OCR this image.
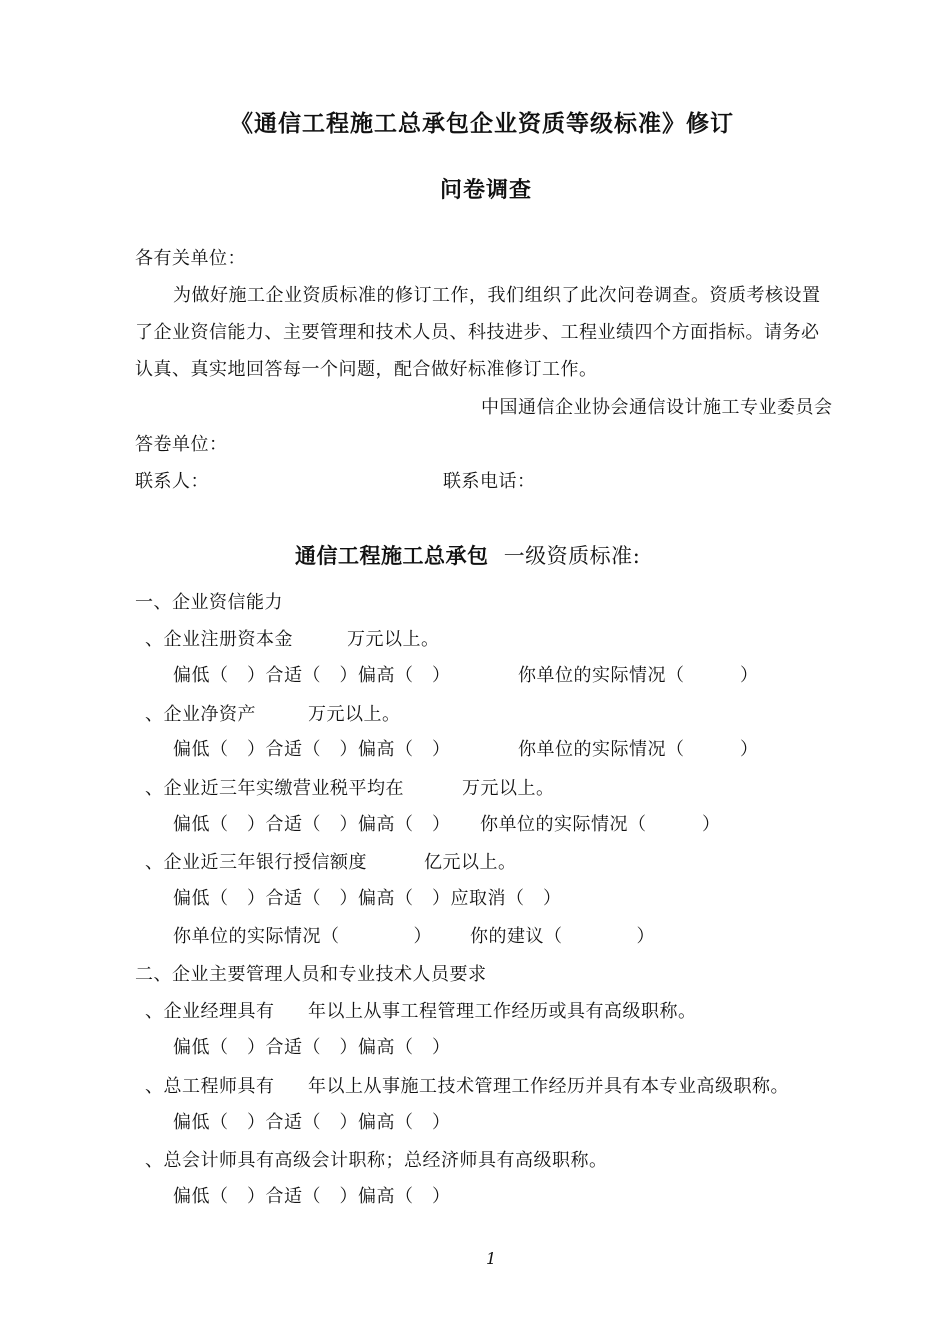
《通信工程施工总承包企业资质等级标准》修订
问卷调查
各有关单位：
为做好施工企业资质标准的修订工作，我们组织了此次问卷调查。资质考核设置
了企业资信能力、主要管理和技术人员、科技进步、工程业绩四个方面指标。请务必
认真、真实地回答每一个问题，配合做好标准修订工作。
中国通信企业协会通信设计施工专业委员会
答卷单位：
联系人：	联系电话：
通信工程施工总承包 一级资质标准:
一、企业资信能力
、企业注册资本金	万元以上。
偏低（　）合适（　）偏高（　）	你单位的实际情况（　　　）
、企业净资产	万元以上。
偏低（　）合适（　）偏高（　）	你单位的实际情况（　　　）
、企业近三年实缴营业税平均在	万元以上。
偏低（　）合适（　）偏高（　） 你单位的实际情况（　　　）
、企业近三年银行授信额度	亿元以上。
偏低（　）合适（　）偏高（　）应取消（　）
你单位的实际情况（　　　　） 你的建议（　　　　）
二、企业主要管理人员和专业技术人员要求
、企业经理具有 年以上从事工程管理工作经历或具有高级职称。
偏低（　）合适（　）偏高（　）
、总工程师具有 年以上从事施工技术管理工作经历并具有本专业高级职称。
偏低（　）合适（　）偏高（　）
、总会计师具有高级会计职称；总经济师具有高级职称。
偏低（　）合适（　）偏高（　）
1
